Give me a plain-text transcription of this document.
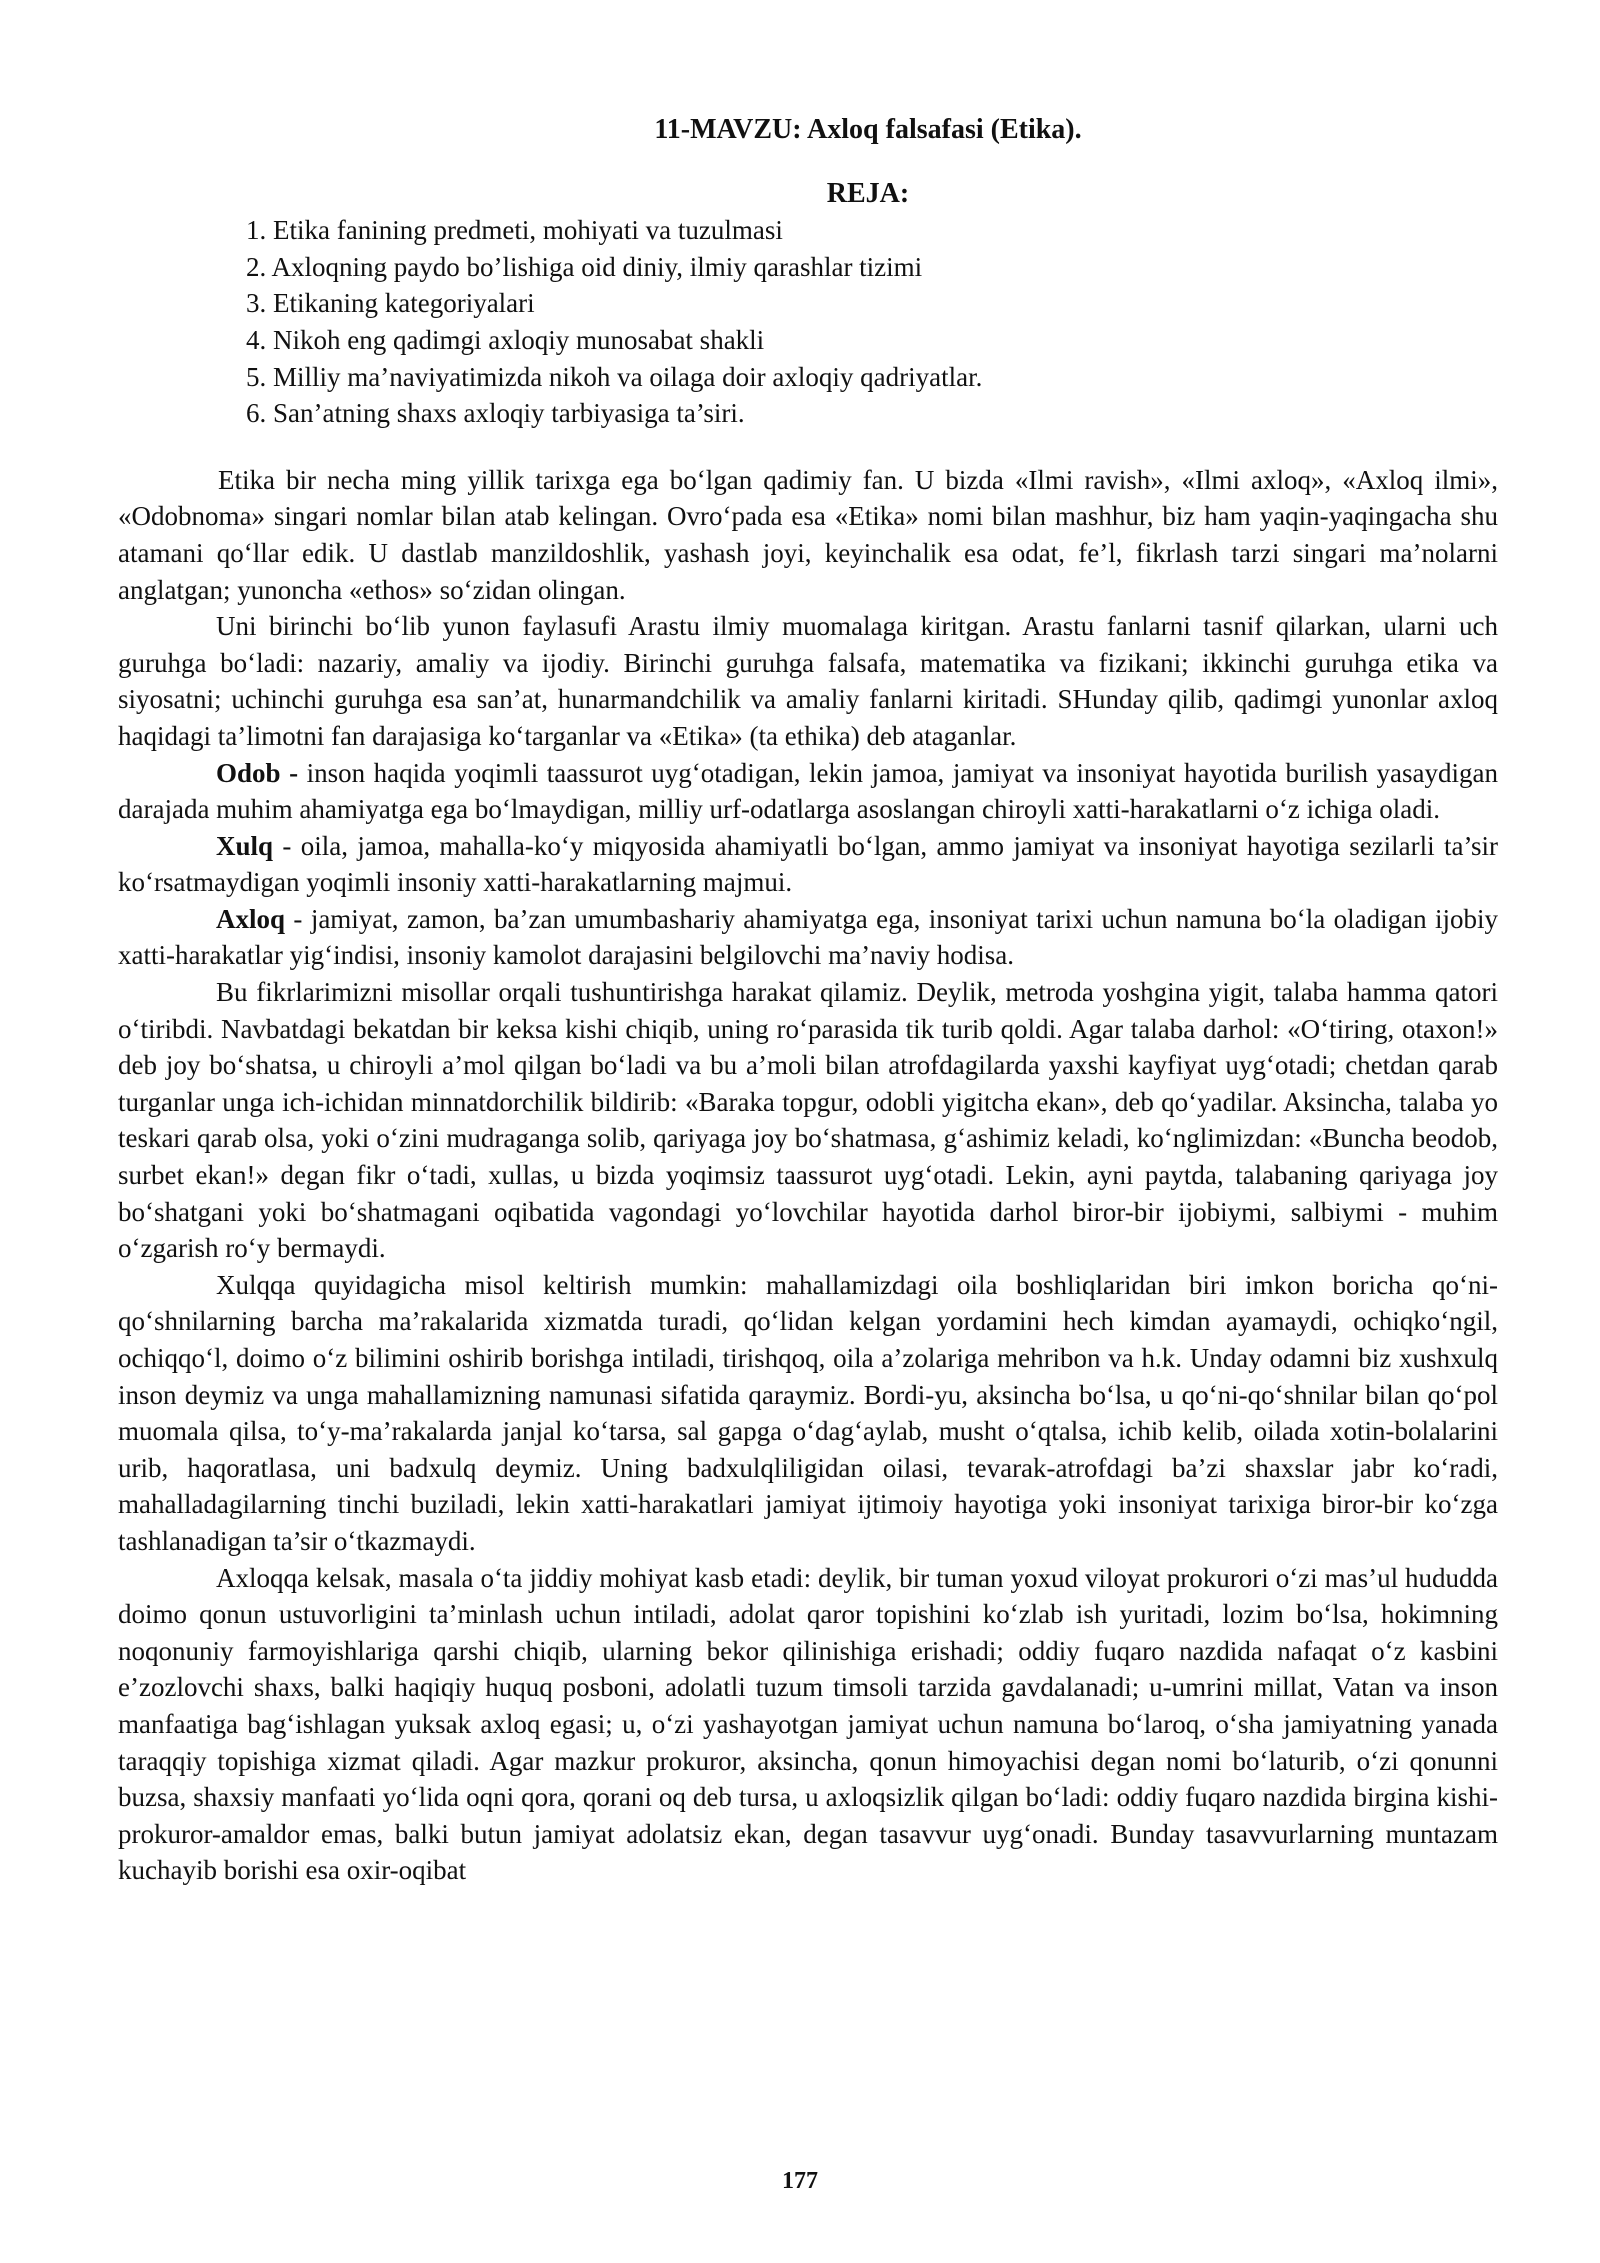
11-MAVZU: Axloq falsafasi (Etika).
REJA:
1. Etika fanining predmeti, mohiyati va tuzulmasi
2. Axloqning paydo bo’lishiga oid diniy, ilmiy qarashlar tizimi
3. Etikaning kategoriyalari
4. Nikoh eng qadimgi axloqiy munosabat shakli
5. Milliy ma’naviyatimizda nikoh va oilaga doir axloqiy qadriyatlar.
6. San’atning shaxs axloqiy tarbiyasiga ta’siri.

Etika bir necha ming yillik tarixga ega bo‘lgan qadimiy fan. U bizda «Ilmi ravish», «Ilmi axloq», «Axloq ilmi», «Odobnoma» singari nomlar bilan atab kelingan. Ovro‘pada esa «Etika» nomi bilan mashhur, biz ham yaqin-yaqingacha shu atamani qo‘llar edik. U dastlab manzildoshlik, yashash joyi, keyinchalik esa odat, fe’l, fikrlash tarzi singari ma’nolarni anglatgan; yunoncha «ethos» so‘zidan olingan.

Uni birinchi bo‘lib yunon faylasufi Arastu ilmiy muomalaga kiritgan. Arastu fanlarni tasnif qilarkan, ularni uch guruhga bo‘ladi: nazariy, amaliy va ijodiy. Birinchi guruhga falsafa, matematika va fizikani; ikkinchi guruhga etika va siyosatni; uchinchi guruhga esa san’at, hunarmandchilik va amaliy fanlarni kiritadi. SHunday qilib, qadimgi yunonlar axloq haqidagi ta’limotni fan darajasiga ko‘targanlar va «Etika» (ta ethika) deb ataganlar.

Odob - inson haqida yoqimli taassurot uyg‘otadigan, lekin jamoa, jamiyat va insoniyat hayotida burilish yasaydigan darajada muhim ahamiyatga ega bo‘lmaydigan, milliy urf-odatlarga asoslangan chiroyli xatti-harakatlarni o‘z ichiga oladi.

Xulq - oila, jamoa, mahalla-ko‘y miqyosida ahamiyatli bo‘lgan, ammo jamiyat va insoniyat hayotiga sezilarli ta’sir ko‘rsatmaydigan yoqimli insoniy xatti-harakatlarning majmui.

Axloq - jamiyat, zamon, ba’zan umumbashariy ahamiyatga ega, insoniyat tarixi uchun namuna bo‘la oladigan ijobiy xatti-harakatlar yig‘indisi, insoniy kamolot darajasini belgilovchi ma’naviy hodisa.

Bu fikrlarimizni misollar orqali tushuntirishga harakat qilamiz. Deylik, metroda yoshgina yigit, talaba hamma qatori o‘tiribdi. Navbatdagi bekatdan bir keksa kishi chiqib, uning ro‘parasida tik turib qoldi. Agar talaba darhol: «O‘tiring, otaxon!» deb joy bo‘shatsa, u chiroyli a’mol qilgan bo‘ladi va bu a’moli bilan atrofdagilarda yaxshi kayfiyat uyg‘otadi; chetdan qarab turganlar unga ich-ichidan minnatdorchilik bildirib: «Baraka topgur, odobli yigitcha ekan», deb qo‘yadilar. Aksincha, talaba yo teskari qarab olsa, yoki o‘zini mudraganga solib, qariyaga joy bo‘shatmasa, g‘ashimiz keladi, ko‘nglimizdan: «Buncha beodob, surbet ekan!» degan fikr o‘tadi, xullas, u bizda yoqimsiz taassurot uyg‘otadi. Lekin, ayni paytda, talabaning qariyaga joy bo‘shatgani yoki bo‘shatmagani oqibatida vagondagi yo‘lovchilar hayotida darhol biror-bir ijobiymi, salbiymi - muhim o‘zgarish ro‘y bermaydi.

Xulqqa quyidagicha misol keltirish mumkin: mahallamizdagi oila boshliqlaridan biri imkon boricha qo‘ni-qo‘shnilarning barcha ma’rakalarida xizmatda turadi, qo‘lidan kelgan yordamini hech kimdan ayamaydi, ochiqko‘ngil, ochiqqo‘l, doimo o‘z bilimini oshirib borishga intiladi, tirishqoq, oila a’zolariga mehribon va h.k. Unday odamni biz xushxulq inson deymiz va unga mahallamizning namunasi sifatida qaraymiz. Bordi-yu, aksincha bo‘lsa, u qo‘ni-qo‘shnilar bilan qo‘pol muomala qilsa, to‘y-ma’rakalarda janjal ko‘tarsa, sal gapga o‘dag‘aylab, musht o‘qtalsa, ichib kelib, oilada xotin-bolalarini urib, haqoratlasa, uni badxulq deymiz. Uning badxulqliligidan oilasi, tevarak-atrofdagi ba’zi shaxslar jabr ko‘radi, mahalladagilarning tinchi buziladi, lekin xatti-harakatlari jamiyat ijtimoiy hayotiga yoki insoniyat tarixiga biror-bir ko‘zga tashlanadigan ta’sir o‘tkazmaydi.

Axloqqa kelsak, masala o‘ta jiddiy mohiyat kasb etadi: deylik, bir tuman yoxud viloyat prokurori o‘zi mas’ul hududda doimo qonun ustuvorligini ta’minlash uchun intiladi, adolat qaror topishini ko‘zlab ish yuritadi, lozim bo‘lsa, hokimning noqonuniy farmoyishlariga qarshi chiqib, ularning bekor qilinishiga erishadi; oddiy fuqaro nazdida nafaqat o‘z kasbini e’zozlovchi shaxs, balki haqiqiy huquq posboni, adolatli tuzum timsoli tarzida gavdalanadi; u-umrini millat, Vatan va inson manfaatiga bag‘ishlagan yuksak axloq egasi; u, o‘zi yashayotgan jamiyat uchun namuna bo‘laroq, o‘sha jamiyatning yanada taraqqiy topishiga xizmat qiladi. Agar mazkur prokuror, aksincha, qonun himoyachisi degan nomi bo‘laturib, o‘zi qonunni buzsa, shaxsiy manfaati yo‘lida oqni qora, qorani oq deb tursa, u axloqsizlik qilgan bo‘ladi: oddiy fuqaro nazdida birgina kishi-prokuror-amaldor emas, balki butun jamiyat adolatsiz ekan, degan tasavvur uyg‘onadi. Bunday tasavvurlarning muntazam kuchayib borishi esa oxir-oqibat

177
